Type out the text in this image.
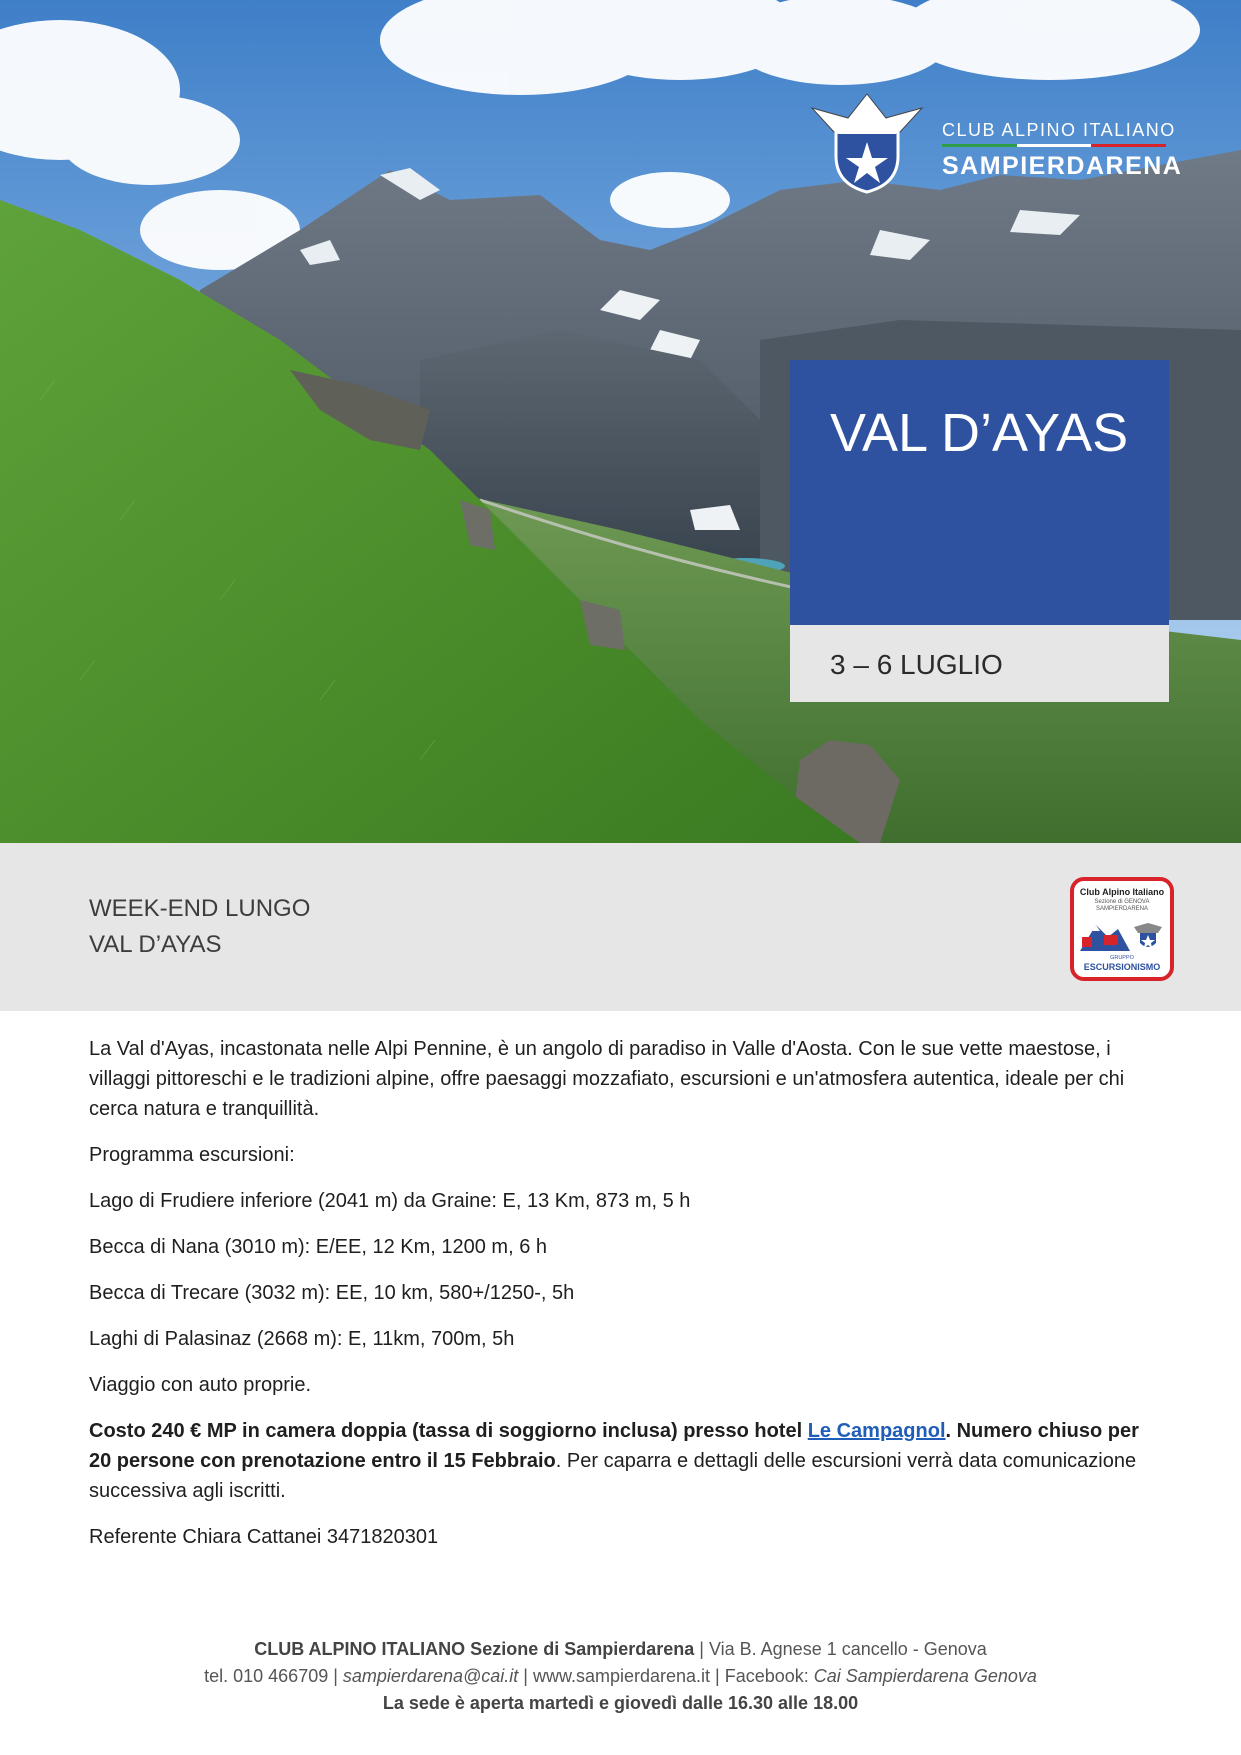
CLUB ALPINO ITALIANO
SAMPIERDARENA
VAL D’AYAS
3 – 6 LUGLIO
WEEK-END LUNGO
VAL D’AYAS
Club Alpino Italiano
Sezione di GENOVA SAMPIERDARENA
GRUPPO
ESCURSIONISMO

La Val d'Ayas, incastonata nelle Alpi Pennine, è un angolo di paradiso in Valle d'Aosta. Con le sue vette maestose, i villaggi pittoreschi e le tradizioni alpine, offre paesaggi mozzafiato, escursioni e un'atmosfera autentica, ideale per chi cerca natura e tranquillità.

Programma escursioni:

Lago di Frudiere inferiore (2041 m) da Graine: E, 13 Km, 873 m, 5 h

Becca di Nana (3010 m): E/EE, 12 Km, 1200 m, 6 h

Becca di Trecare (3032 m): EE, 10 km, 580+/1250-, 5h

Laghi di Palasinaz (2668 m): E, 11km, 700m, 5h

Viaggio con auto proprie.

Costo 240 € MP in camera doppia (tassa di soggiorno inclusa) presso hotel Le Campagnol. Numero chiuso per 20 persone con prenotazione entro il 15 Febbraio. Per caparra e dettagli delle escursioni verrà data comunicazione successiva agli iscritti.

Referente Chiara Cattanei 3471820301

CLUB ALPINO ITALIANO Sezione di Sampierdarena | Via B. Agnese 1 cancello - Genova
tel. 010 466709 | sampierdarena@cai.it | www.sampierdarena.it | Facebook: Cai Sampierdarena Genova
La sede è aperta martedì e giovedì dalle 16.30 alle 18.00
